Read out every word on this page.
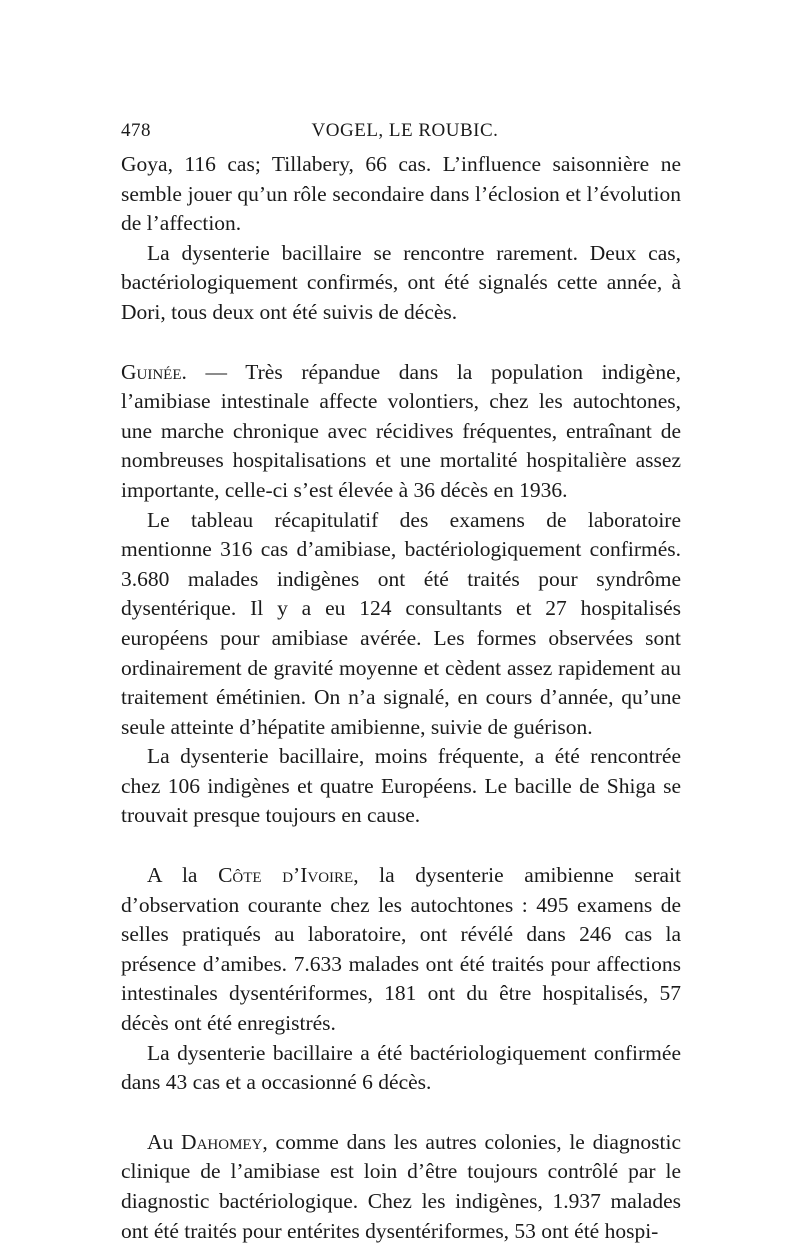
478	VOGEL, LE ROUBIC.

Goya, 116 cas; Tillabery, 66 cas. L’influence saisonnière ne semble jouer qu’un rôle secondaire dans l’éclosion et l’évolution de l’affection.

La dysenterie bacillaire se rencontre rarement. Deux cas, bactériologiquement confirmés, ont été signalés cette année, à Dori, tous deux ont été suivis de décès.

Guinée. — Très répandue dans la population indigène, l’amibiase intestinale affecte volontiers, chez les autochtones, une marche chronique avec récidives fréquentes, entraînant de nombreuses hospitalisations et une mortalité hospitalière assez importante, celle-ci s’est élevée à 36 décès en 1936.

Le tableau récapitulatif des examens de laboratoire mentionne 316 cas d’amibiase, bactériologiquement confirmés. 3.680 malades indigènes ont été traités pour syndrôme dysentérique. Il y a eu 124 consultants et 27 hospitalisés européens pour amibiase avérée. Les formes observées sont ordinairement de gravité moyenne et cèdent assez rapidement au traitement émétinien. On n’a signalé, en cours d’année, qu’une seule atteinte d’hépatite amibienne, suivie de guérison.

La dysenterie bacillaire, moins fréquente, a été rencontrée chez 106 indigènes et quatre Européens. Le bacille de Shiga se trouvait presque toujours en cause.

A la Côte d’Ivoire, la dysenterie amibienne serait d’observation courante chez les autochtones : 495 examens de selles pratiqués au laboratoire, ont révélé dans 246 cas la présence d’amibes. 7.633 malades ont été traités pour affections intestinales dysentériformes, 181 ont du être hospitalisés, 57 décès ont été enregistrés.

La dysenterie bacillaire a été bactériologiquement confirmée dans 43 cas et a occasionné 6 décès.

Au Dahomey, comme dans les autres colonies, le diagnostic clinique de l’amibiase est loin d’être toujours contrôlé par le diagnostic bactériologique. Chez les indigènes, 1.937 malades ont été traités pour entérites dysentériformes, 53 ont été hospi-
